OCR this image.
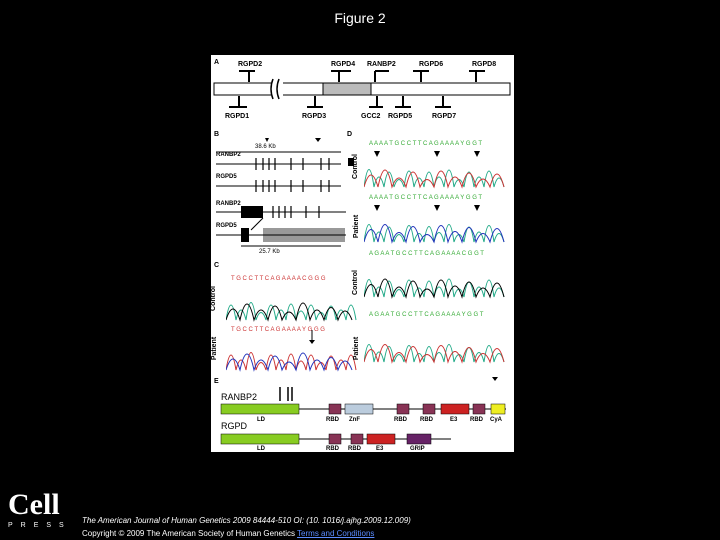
Figure 2
A	RGPD2	RGPD4 RANBP2	RGPD6	RGPD8
RGPD1	RGPD3	GCC2 RGPD5	RGPD7
B
38.6 Kb
RANBP2
RGPD5
RANBP2
RGPD5
25.7 Kb
C
T G C C T T C A G A A A A C G G G
T G C C T T C A G A A A A Y G G G
Control
Patient
D
A A A A T G C C T T C A G A A A A Y G G T
A A A A T G C C T T C A G A A A A Y G G T
A G A A T G C C T T C A G A A A A C G G T
A G A A T G C C T T C A G A A A A Y G G T
Control
Patient
Control
Patient
E
RANBP2
RGPD
LD	RBD ZnF	RBD RBD	E3 RBD CyA
LD	RBD RBD	E3	GRIP
Cell
PRESS
The American Journal of Human Genetics 2009 84444-510 OI: (10. 1016/j.ajhg.2009.12.009)
Copyright © 2009 The American Society of Human Genetics Terms and Conditions
